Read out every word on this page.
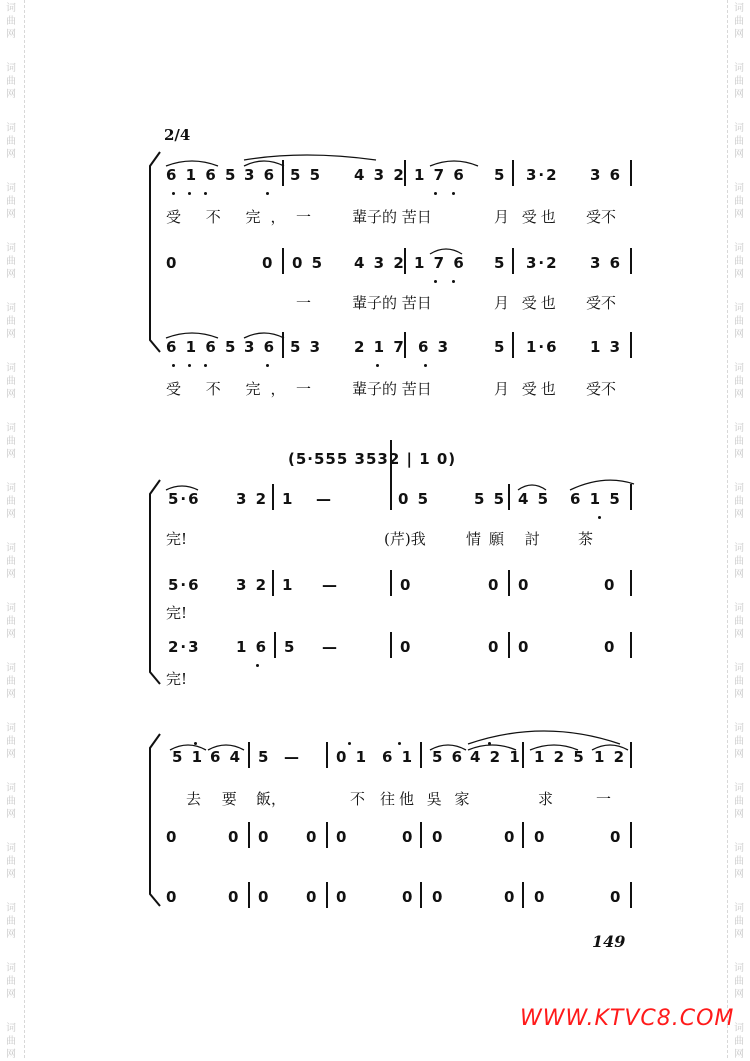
词
曲
网
词
曲
网
词
曲
网
词
曲
网
词
曲
网
词
曲
网
词
曲
网
词
曲
网
词
曲
网
词
曲
网
词
曲
网
词
曲
网
词
曲
网
词
曲
网
词
曲
网
词
曲
网
词
曲
网
词
曲
网
词
曲
网
词
曲
网
词
曲
网
词
曲
网
词
曲
网
词
曲
网
词
曲
网
词
曲
网
词
曲
网
词
曲
网
词
曲
网
词
曲
网
词
曲
网
词
曲
网
词
曲
网
词
曲
网
词
曲
网
词
曲
网
2/4
6 1 6 5 3 6 5 5 4 3 2 1 7 6 5 3·2 3 6
受 不 完， 一	輩子的 苦日	月 受也 受不
0	0 0 5 4 3 2 1 7 6 5 3·2 3 6
一	輩子的 苦日	月 受也 受不
6 1 6 5 3 6 5 3 2 1 7 6 3	5 1·6 1 3
受 不 完， 一	輩子的 苦日	月 受也 受不
(5·555 3532 | 1 0)
5·6 3 2 1 —	0 5	5 5 4 5 6 1 5
完!	(芹)我	情願 討 茶
5·6 3 2 1 —	0	0 0	0
完!
2·3 1 6 5 —	0	0 0	0
完!
5 1 6 4 5 — 0 1 6 1 5 6 4 2 1 1 2 5 1 2
去 要 飯，	不 往他 吳 家	求	一
0	0 0 0 0	0 0	0 0	0
0	0 0 0 0	0 0	0 0	0
149
WWW.KTVC8.COM
